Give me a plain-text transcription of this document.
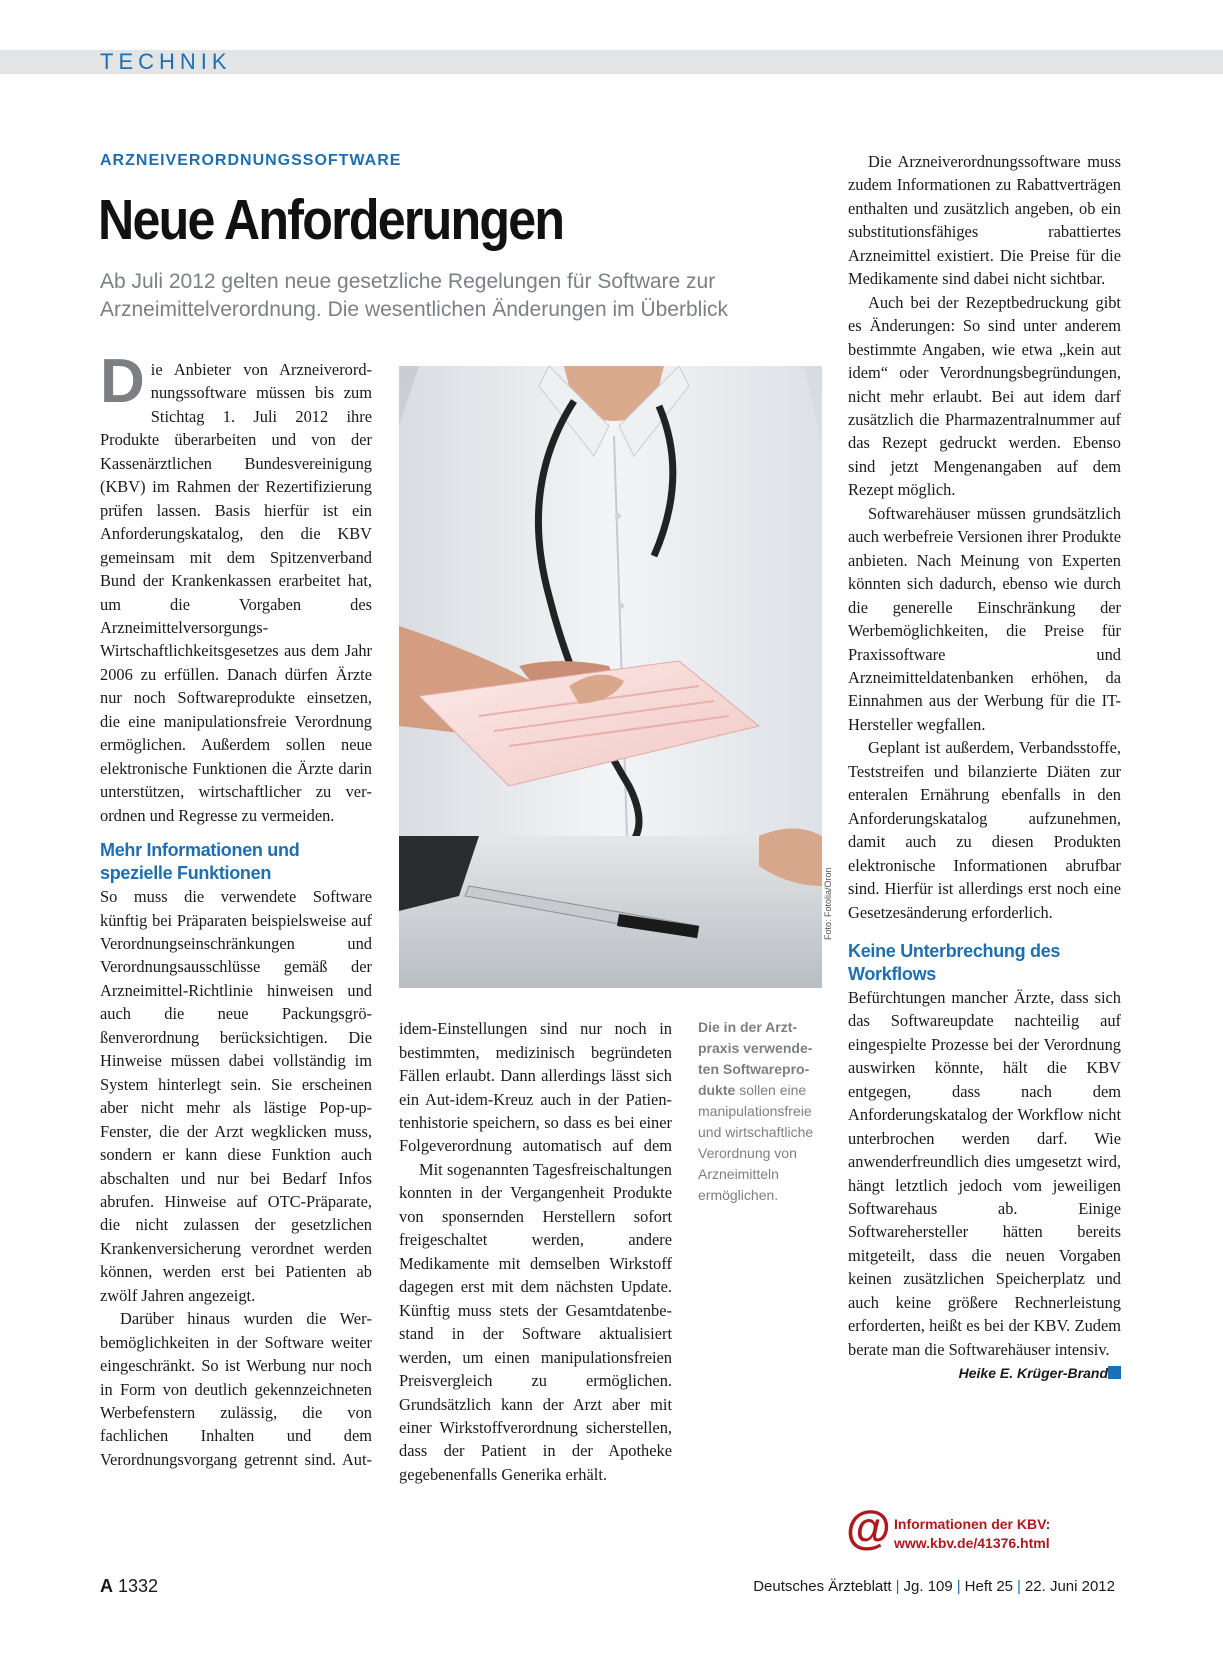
TECHNIK
ARZNEIVERORDNUNGSSOFTWARE
Neue Anforderungen
Ab Juli 2012 gelten neue gesetzliche Regelungen für Software zur Arzneimittelverordnung. Die wesentlichen Änderungen im Überblick

Die Anbieter von Arzneiverordnungssoftware müssen bis zum Stichtag 1. Juli 2012 ihre Produkte überarbeiten und von der Kassenärztlichen Bundesvereinigung (KBV) im Rahmen der Rezertifizierung prüfen lassen. Basis hierfür ist ein Anforderungskatalog, den die KBV gemeinsam mit dem Spitzenverband Bund der Krankenkassen erarbeitet hat, um die Vorgaben des Arzneimittelversorgungs-Wirtschaftlichkeitsgesetzes aus dem Jahr 2006 zu erfüllen. Danach dürfen Ärzte nur noch Softwareprodukte einsetzen, die eine manipulationsfreie Verordnung ermöglichen. Außerdem sollen neue elektronische Funktionen die Ärzte darin unterstützen, wirtschaftlicher zu verordnen und Regresse zu vermeiden.

Mehr Informationen und spezielle Funktionen

So muss die verwendete Software künftig bei Präparaten beispielsweise auf Verordnungseinschränkungen und Verordnungsausschlüsse gemäß der Arzneimittel-Richtlinie hinweisen und auch die neue Packungsgrößenverordnung berücksichtigen. Die Hinweise müssen dabei vollständig im System hinterlegt sein. Sie erscheinen aber nicht mehr als lästige Pop-up-Fenster, die der Arzt wegklicken muss, sondern er kann diese Funktion auch abschalten und nur bei Bedarf Infos abrufen. Hinweise auf OTC-Präparate, die nicht zulassen der gesetzlichen Krankenversicherung verordnet werden können, werden erst bei Patienten ab zwölf Jahren angezeigt.

Darüber hinaus wurden die Werbemöglichkeiten in der Software weiter eingeschränkt. So ist Werbung nur noch in Form von deutlich gekennzeichneten Werbefenstern zulässig, die von fachlichen Inhalten und dem Verordnungsvorgang getrennt sind. Aut-

Foto: Fotolia/Oron

idem-Einstellungen sind nur noch in bestimmten, medizinisch begründeten Fällen erlaubt. Dann allerdings lässt sich ein Aut-idem-Kreuz auch in der Patientenhistorie speichern, so dass es bei einer Folgeverordnung automatisch auf dem

Mit sogenannten Tagesfreischaltungen konnten in der Vergangenheit Produkte von sponsernden Herstellern sofort freigeschaltet werden, andere Medikamente mit demselben Wirkstoff dagegen erst mit dem nächsten Update. Künftig muss stets der Gesamtdatenbestand in der Software aktualisiert werden, um einen manipulationsfreien Preisvergleich zu ermöglichen. Grundsätzlich kann der Arzt aber mit einer Wirkstoffverordnung sicherstellen, dass der Patient in der Apotheke gegebenenfalls Generika erhält.

Die in der Arztpraxis verwendeten Softwareprodukte sollen eine manipulationsfreie und wirtschaftliche Verordnung von Arzneimitteln ermöglichen.

Die Arzneiverordnungssoftware muss zudem Informationen zu Rabattverträgen enthalten und zusätzlich angeben, ob ein substitutionsfähiges rabattiertes Arzneimittel existiert. Die Preise für die Medikamente sind dabei nicht sichtbar.

Auch bei der Rezeptbedruckung gibt es Änderungen: So sind unter anderem bestimmte Angaben, wie etwa „kein aut idem“ oder Verordnungsbegründungen, nicht mehr erlaubt. Bei aut idem darf zusätzlich die Pharmazentralnummer auf das Rezept gedruckt werden. Ebenso sind jetzt Mengenangaben auf dem Rezept möglich.

Softwarehäuser müssen grundsätzlich auch werbefreie Versionen ihrer Produkte anbieten. Nach Meinung von Experten könnten sich dadurch, ebenso wie durch die generelle Einschränkung der Werbemöglichkeiten, die Preise für Praxissoftware und Arzneimitteldatenbanken erhöhen, da Einnahmen aus der Werbung für die IT-Hersteller wegfallen.

Geplant ist außerdem, Verbandsstoffe, Teststreifen und bilanzierte Diäten zur enteralen Ernährung ebenfalls in den Anforderungskatalog aufzunehmen, damit auch zu diesen Produkten elektronische Informationen abrufbar sind. Hierfür ist allerdings erst noch eine Gesetzesänderung erforderlich.

Keine Unterbrechung des Workflows

Befürchtungen mancher Ärzte, dass sich das Softwareupdate nachteilig auf eingespielte Prozesse bei der Verordnung auswirken könnte, hält die KBV entgegen, dass nach dem Anforderungskatalog der Workflow nicht unterbrochen werden darf. Wie anwenderfreundlich dies umgesetzt wird, hängt letztlich jedoch vom jeweiligen Softwarehaus ab. Einige Softwarehersteller hätten bereits mitgeteilt, dass die neuen Vorgaben keinen zusätzlichen Speicherplatz und auch keine größere Rechnerleistung erforderten, heißt es bei der KBV. Zudem berate man die Softwarehäuser intensiv.

Heike E. Krüger-Brand
@ Informationen der KBV:
www.kbv.de/41376.html
A 1332	Deutsches Ärzteblatt | Jg. 109 | Heft 25 | 22. Juni 2012
